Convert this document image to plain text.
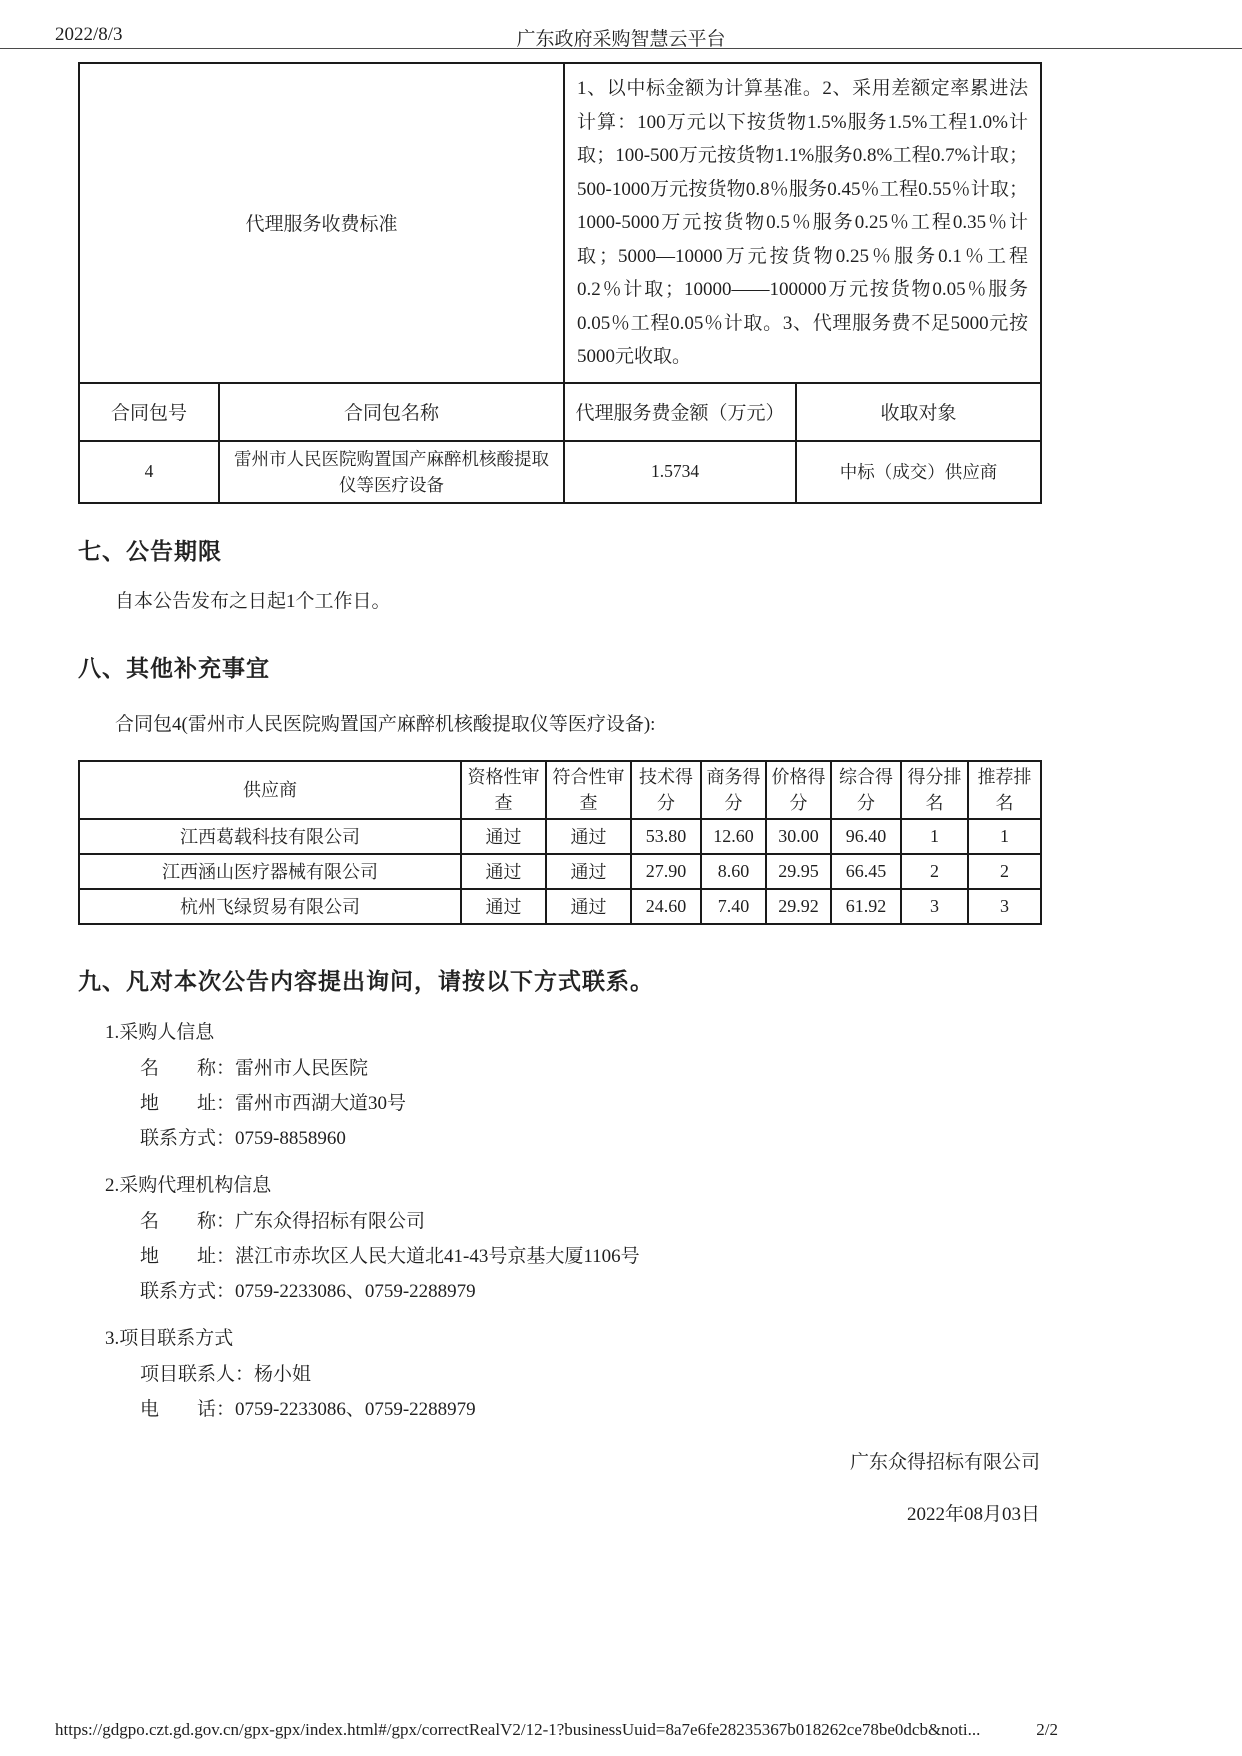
2022/8/3	广东政府采购智慧云平台
代理服务收费标准		1、以中标金额为计算基准。2、采用差额定率累进法计算：100万元以下按货物1.5%服务1.5%工程1.0%计取；100-500万元按货物1.1%服务0.8%工程0.7%计取；500-1000万元按货物0.8％服务0.45％工程0.55％计取；1000-5000万元按货物0.5％服务0.25％工程0.35％计取；5000—10000万元按货物0.25％服务0.1％工程0.2％计取；10000——100000万元按货物0.05％服务0.05％工程0.05％计取。3、代理服务费不足5000元按5000元收取。	
合同包号	合同包名称	代理服务费金额（万元）	收取对象
4	雷州市人民医院购置国产麻醉机核酸提取仪等医疗设备	1.5734	中标（成交）供应商
七、公告期限
自本公告发布之日起1个工作日。
八、其他补充事宜
合同包4(雷州市人民医院购置国产麻醉机核酸提取仪等医疗设备):
供应商	资格性审查	符合性审查	技术得分	商务得分	价格得分	综合得分	得分排名	推荐排名
江西葛载科技有限公司	通过	通过	53.80	12.60	30.00	96.40	1	1
江西涵山医疗器械有限公司	通过	通过	27.90	8.60	29.95	66.45	2	2
杭州飞绿贸易有限公司	通过	通过	24.60	7.40	29.92	61.92	3	3
九、凡对本次公告内容提出询问，请按以下方式联系。
1.采购人信息
名　　称：雷州市人民医院
地　　址：雷州市西湖大道30号
联系方式：0759-8858960
2.采购代理机构信息
名　　称：广东众得招标有限公司
地　　址：湛江市赤坎区人民大道北41-43号京基大厦1106号
联系方式：0759-2233086、0759-2288979
3.项目联系方式
项目联系人：杨小姐
电　　话：0759-2233086、0759-2288979
广东众得招标有限公司
2022年08月03日
https://gdgpo.czt.gd.gov.cn/gpx-gpx/index.html#/gpx/correctRealV2/12-1?businessUuid=8a7e6fe28235367b018262ce78be0dcb&noti...	2/2
